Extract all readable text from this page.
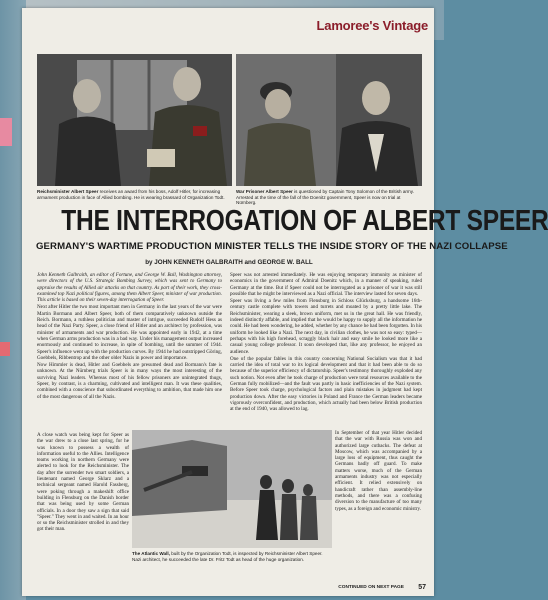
Lamoree's Vintage
Reichsminister Albert Speer receives an award from his boss, Adolf Hitler, for increasing armament production in face of Allied bombing. He is wearing brassard of Organization Todt.
War Prisoner Albert Speer is questioned by Captain Tony Solomon of the British army. Arrested at the time of the fall of the Doenitz government, Speer is now on trial at Nürnberg.
THE INTERROGATION OF ALBERT SPEER
GERMANY'S WARTIME PRODUCTION MINISTER TELLS THE INSIDE STORY OF THE NAZI COLLAPSE
by JOHN KENNETH GALBRAITH and GEORGE W. BALL

John Kenneth Galbraith, an editor of Fortune, and George W. Ball, Washington attorney, were directors of the U.S. Strategic Bombing Survey, which was sent to Germany to appraise the results of Allied air attacks on that country. As part of their work, they cross-examined top Nazi political figures, among them Albert Speer, minister of war production. This article is based on their seven-day interrogation of Speer.

Next after Hitler the two most important men in Germany in the last years of the war were Martin Bormann and Albert Speer, both of them comparatively unknown outside the Reich. Bormann, a ruthless politician and master of intrigue, succeeded Rudolf Hess as head of the Nazi Party. Speer, a close friend of Hitler and an architect by profession, was minister of armaments and war production. He was appointed early in 1942, at a time when German arms production was in a bad way. Under his management output increased enormously and continued to increase, in spite of bombing, until the summer of 1944. Speer's influence went up with the production curves. By 1944 he had outstripped Göring, Goebbels, Ribbentrop and the other older Nazis in power and importance.

Now Himmler is dead, Hitler and Goebbels are presumed dead and Bormann's fate is unknown. At the Nürnberg trials Speer is in many ways the most interesting of the surviving Nazi leaders. Whereas most of his fellow prisoners are unintegrated thugs, Speer, by contrast, is a charming, cultivated and intelligent man. It was these qualities, combined with a conscience that subordinated everything to ambition, that made him one of the most dangerous of all the Nazis.

A close watch was being kept for Speer as the war drew to a close last spring, for he was known to possess a wealth of information useful to the Allies. Intelligence teams working in northern Germany were alerted to look for the Reichsminister. The day after the surrender two smart soldiers, a lieutenant named George Sklarz and a technical sergeant named Harold Fassberg, were poking through a makeshift office building in Flensburg on the Danish border that was being used by some German officials. In a door they saw a sign that said "Speer." They went in and waited. In an hour or so the Reichsminister strolled in and they got their man.

Speer was not arrested immediately. He was enjoying temporary immunity as minister of economics in the government of Admiral Doenitz which, in a manner of speaking, ruled Germany at the time. But if Speer could not be interrogated as a prisoner of war it was still possible that he might be interviewed as a Nazi official. The interview lasted for seven days.

Speer was living a few miles from Flensburg in Schloss Glücksburg, a handsome 16th-century castle complete with towers and turrets and moated by a pretty little lake. The Reichsminister, wearing a sleek, brown uniform, met us in the great hall. He was friendly, indeed distinctly affable, and implied that he would be happy to supply all the information he could. He had been wondering, he added, whether by any chance he had been forgotten. In his uniform he looked like a Nazi. The next day, in civilian clothes, he was not so easy: typed—perhaps with his high forehead, scraggly black hair and easy smile he looked more like a casual young college professor. It soon developed that, like any professor, he enjoyed an audience.

One of the popular fables in this country concerning National Socialism was that it had carried the idea of total war to its logical development and that it had been able to do so because of the superior efficiency of dictatorship. Speer's testimony thoroughly exploded any such notion. Not even after he took charge of production were total resources available to the German fully mobilized—and the fault was partly in basic inefficiencies of the Nazi system. Before Speer took charge, psychological factors and plain mistakes in judgment had kept production down. After the easy victories in Poland and France the German leaders became vigorously overconfident, and production, which actually had been below British production at the end of 1940, was allowed to lag.

In September of that year Hitler decided that the war with Russia was won and authorized large cutbacks. The defeat at Moscow, which was accompanied by a large loss of equipment, thus caught the Germans badly off guard. To make matters worse, much of the German armaments industry was not especially efficient. It relied extensively on handicraft rather than assembly-line methods, and there was a confusing diversion to the manufacture of too many types, as a foreign and economic ministry.

The Atlantic Wall, built by the Organization Todt, is inspected by Reichsminister Albert Speer. Nazi architect, he succeeded the late Dr. Fritz Todt as head of the huge organization.
CONTINUED ON NEXT PAGE 57
